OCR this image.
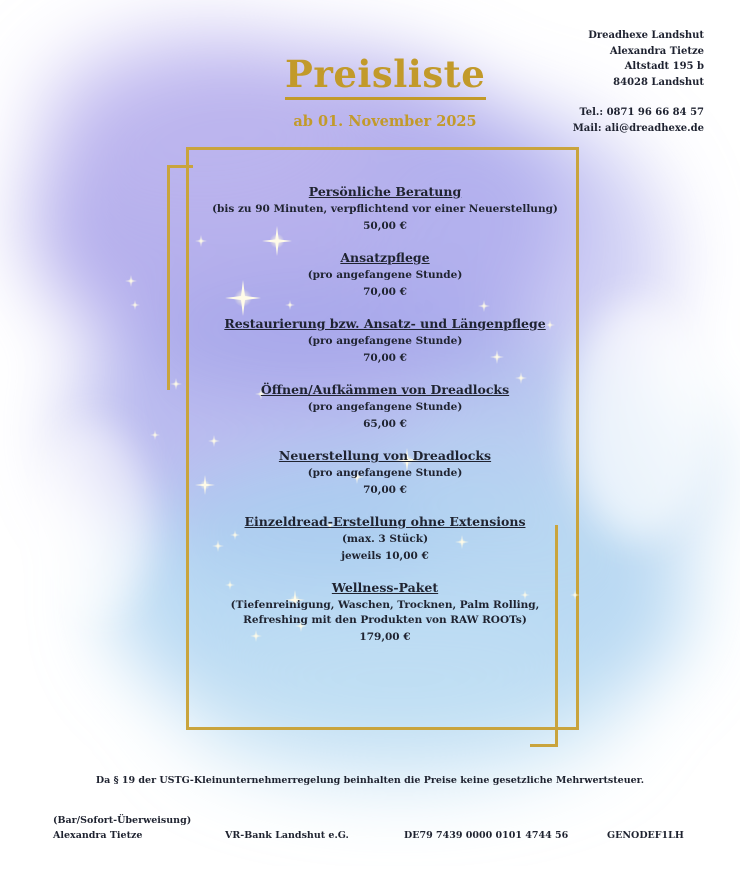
Dreadhexe Landshut
Alexandra Tietze
Altstadt 195 b
84028 Landshut
Tel.: 0871 96 66 84 57
Mail: ali@dreadhexe.de
Preisliste
ab 01. November 2025
Persönliche Beratung
(bis zu 90 Minuten, verpflichtend vor einer Neuerstellung)
50,00 €
Ansatzpflege
(pro angefangene Stunde)
70,00 €
Restaurierung bzw. Ansatz- und Längenpflege
(pro angefangene Stunde)
70,00 €
Öffnen/Aufkämmen von Dreadlocks
(pro angefangene Stunde)
65,00 €
Neuerstellung von Dreadlocks
(pro angefangene Stunde)
70,00 €
Einzeldread-Erstellung ohne Extensions
(max. 3 Stück)
jeweils 10,00 €
Wellness-Paket
(Tiefenreinigung, Waschen, Trocknen, Palm Rolling,
Refreshing mit den Produkten von RAW ROOTs)
179,00 €
Da § 19 der USTG-Kleinunternehmerregelung beinhalten die Preise keine gesetzliche Mehrwertsteuer.
(Bar/Sofort-Überweisung)
Alexandra Tietze	VR-Bank Landshut e.G.	DE79 7439 0000 0101 4744 56	GENODEF1LH
